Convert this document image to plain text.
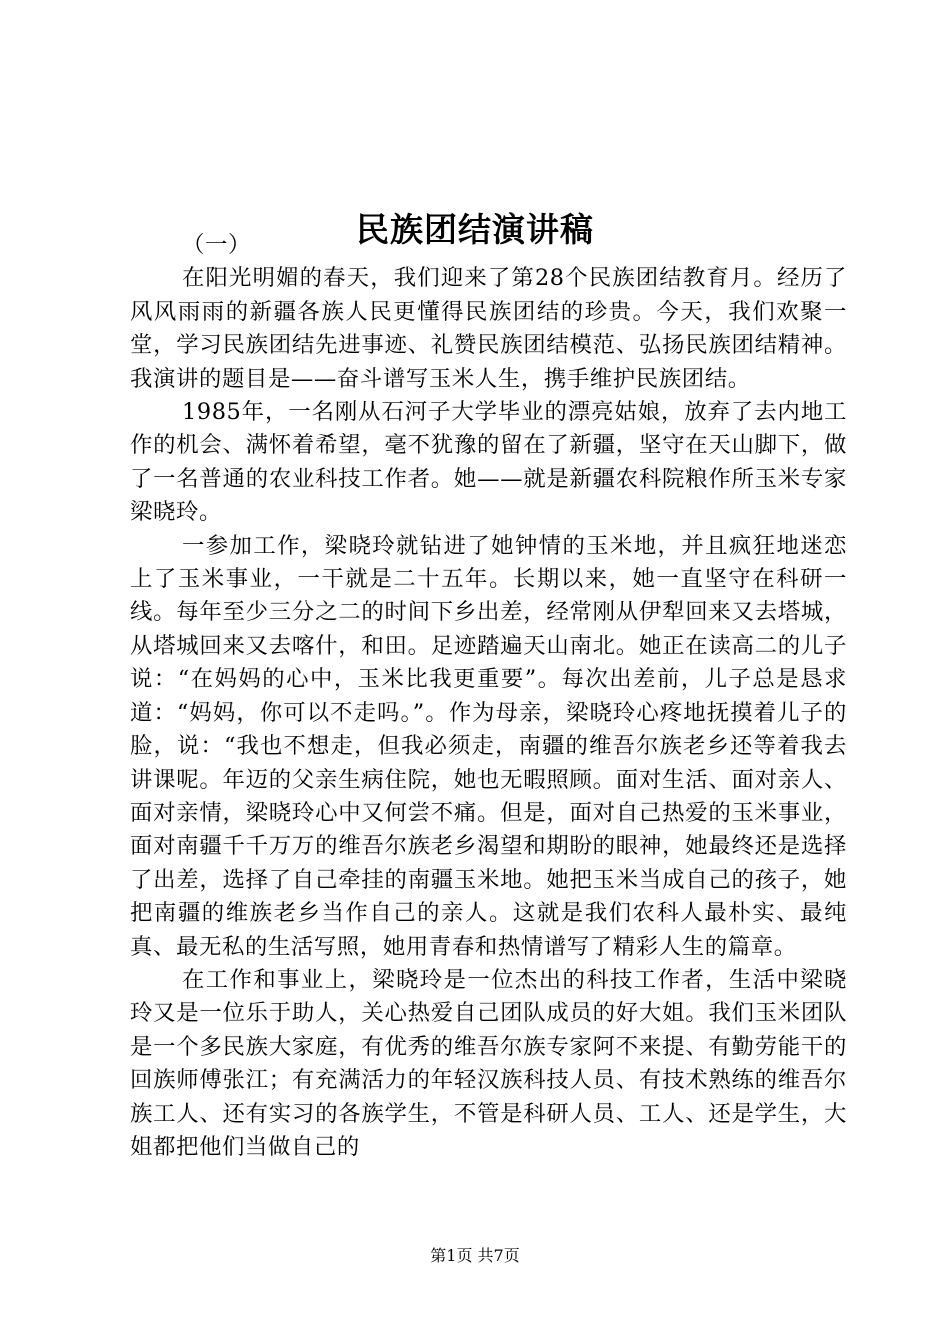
民族团结演讲稿

（一）

在阳光明媚的春天，我们迎来了第28个民族团结教育月。经历了风风雨雨的新疆各族人民更懂得民族团结的珍贵。今天，我们欢聚一堂，学习民族团结先进事迹、礼赞民族团结模范、弘扬民族团结精神。我演讲的题目是——奋斗谱写玉米人生，携手维护民族团结。

1985年，一名刚从石河子大学毕业的漂亮姑娘，放弃了去内地工作的机会、满怀着希望，毫不犹豫的留在了新疆，坚守在天山脚下，做了一名普通的农业科技工作者。她——就是新疆农科院粮作所玉米专家梁晓玲。

一参加工作，梁晓玲就钻进了她钟情的玉米地，并且疯狂地迷恋上了玉米事业，一干就是二十五年。长期以来，她一直坚守在科研一线。每年至少三分之二的时间下乡出差，经常刚从伊犁回来又去塔城，从塔城回来又去喀什，和田。足迹踏遍天山南北。她正在读高二的儿子说：“在妈妈的心中，玉米比我更重要”。每次出差前，儿子总是恳求道：“妈妈，你可以不走吗。”。作为母亲，梁晓玲心疼地抚摸着儿子的脸，说：“我也不想走，但我必须走，南疆的维吾尔族老乡还等着我去讲课呢。年迈的父亲生病住院，她也无暇照顾。面对生活、面对亲人、面对亲情，梁晓玲心中又何尝不痛。但是，面对自己热爱的玉米事业，面对南疆千千万万的维吾尔族老乡渴望和期盼的眼神，她最终还是选择了出差，选择了自己牵挂的南疆玉米地。她把玉米当成自己的孩子，她把南疆的维族老乡当作自己的亲人。这就是我们农科人最朴实、最纯真、最无私的生活写照，她用青春和热情谱写了精彩人生的篇章。

在工作和事业上，梁晓玲是一位杰出的科技工作者，生活中梁晓玲又是一位乐于助人，关心热爱自己团队成员的好大姐。我们玉米团队是一个多民族大家庭，有优秀的维吾尔族专家阿不来提、有勤劳能干的回族师傅张江；有充满活力的年轻汉族科技人员、有技术熟练的维吾尔族工人、还有实习的各族学生，不管是科研人员、工人、还是学生，大姐都把他们当做自己的

第1页 共7页
